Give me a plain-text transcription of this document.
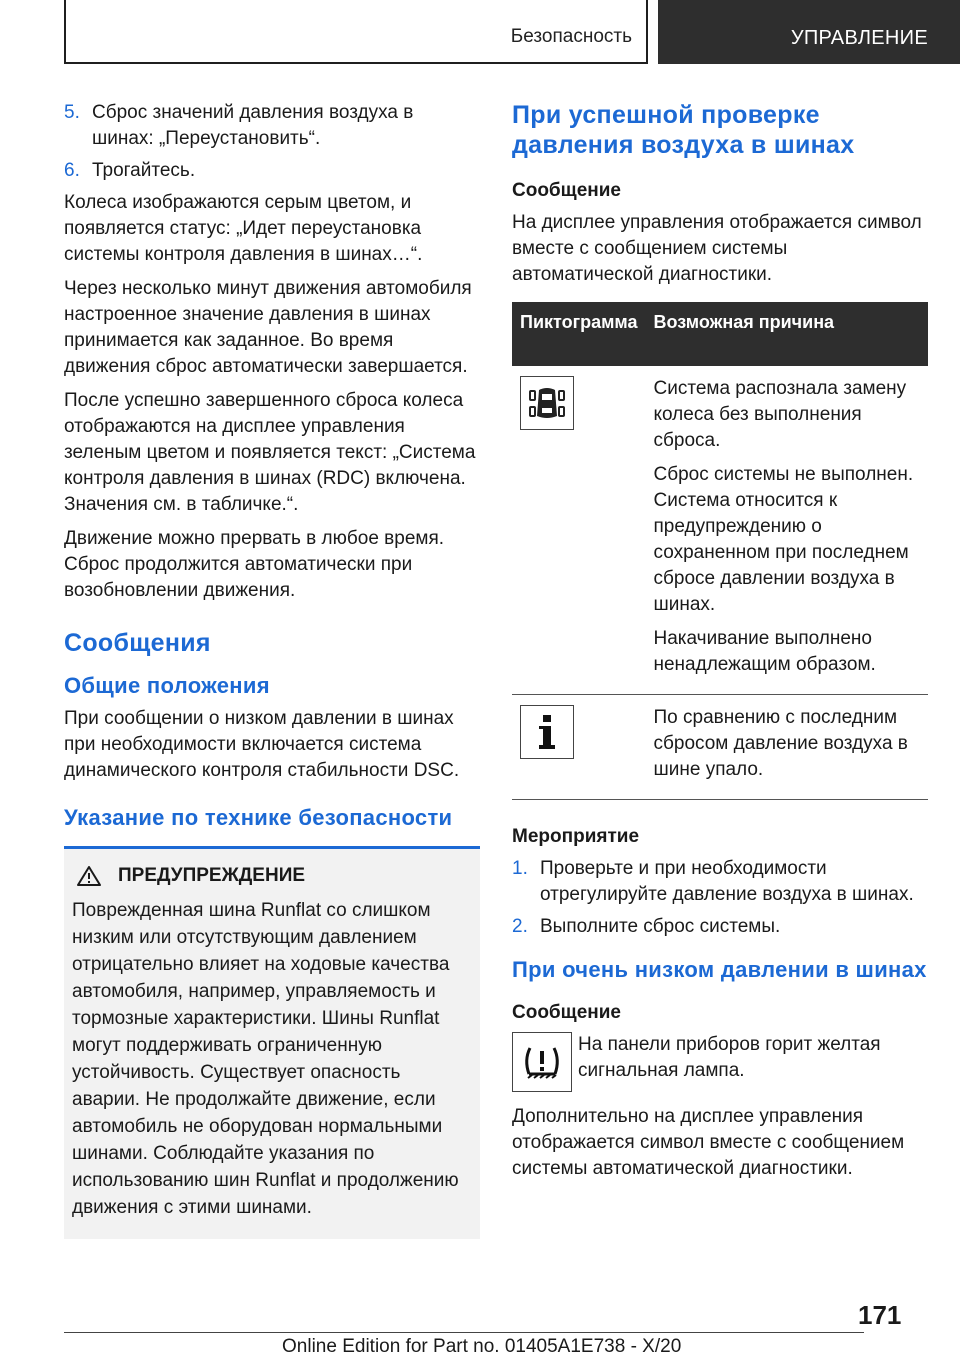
Безопасность	УПРАВЛЕНИЕ
5. Сброс значений давления воздуха в шинах: „Переустановить“.
6. Трогайтесь.

Колеса изображаются серым цветом, и появляется статус: „Идет переустановка системы контроля давления в шинах…“.

Через несколько минут движения автомобиля настроенное значение давления в шинах принимается как заданное. Во время движения сброс автоматически завершается.

После успешно завершенного сброса колеса отображаются на дисплее управления зеленым цветом и появляется текст: „Система контроля давления в шинах (RDC) включена. Значения см. в табличке.“.

Движение можно прервать в любое время. Сброс продолжится автоматически при возобновлении движения.

Сообщения
Общие положения

При сообщении о низком давлении в шинах при необходимости включается система динамического контроля стабильности DSC.

Указание по технике безопасности
ПРЕДУПРЕЖДЕНИЕ
Поврежденная шина Runflat со слишком низким или отсутствующим давлением отрицательно влияет на ходовые качества автомобиля, например, управляемость и тормозные характеристики. Шины Runflat могут поддерживать ограниченную устойчивость. Существует опасность аварии. Не продолжайте движение, если автомобиль не оборудован нормальными шинами. Соблюдайте указания по использованию шин Runflat и продолжению движения с этими шинами.
При успешной проверке давления воздуха в шинах
Сообщение

На дисплее управления отображается символ вместе с сообщением системы автоматической диагностики.

Пиктограмма	Возможная причина

Система распознала замену колеса без выполнения сброса.

Сброс системы не выполнен. Система относится к предупреждению о сохраненном при последнем сбросе давлении воздуха в шинах.

Накачивание выполнено ненадлежащим образом.

По сравнению с последним сбросом давление воздуха в шине упало.

Мероприятие
1. Проверьте и при необходимости отрегулируйте давление воздуха в шинах.
2. Выполните сброс системы.
При очень низком давлении в шинах
Сообщение

На панели приборов горит желтая сигнальная лампа.

Дополнительно на дисплее управления отображается символ вместе с сообщением системы автоматической диагностики.

171
Online Edition for Part no. 01405A1E738 - X/20
